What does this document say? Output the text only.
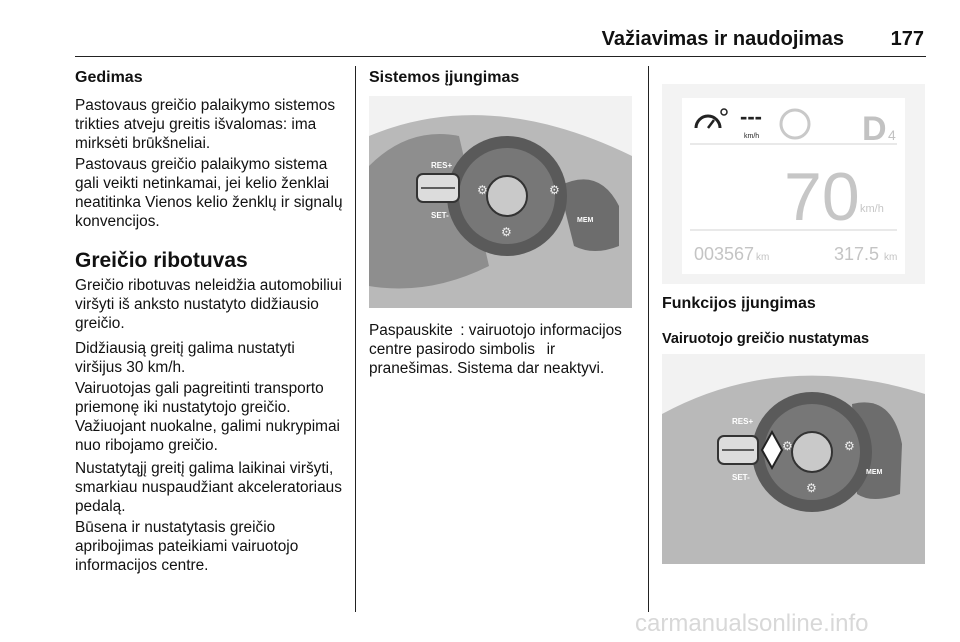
Važiavimas ir naudojimas 177
Gedimas

Pastovaus greičio palaikymo sistemos trikties atveju greitis išvalomas: ima mirksėti brūkšneliai.

Pastovaus greičio palaikymo sistema gali veikti netinkamai, jei kelio ženklai neatitinka Vienos kelio ženklų ir signalų konvencijos.

Greičio ribotuvas

Greičio ribotuvas neleidžia automobiliui viršyti iš anksto nustatyto didžiausio greičio.

Didžiausią greitį galima nustatyti viršijus 30 km/h.

Vairuotojas gali pagreitinti transporto priemonę iki nustatytojo greičio. Važiuojant nuokalne, galimi nukrypimai nuo ribojamo greičio.

Nustatytąjį greitį galima laikinai viršyti, smarkiau nuspaudžiant akceleratoriaus pedalą.

Būsena ir nustatytasis greičio apribojimas pateikiami vairuotojo informacijos centre.

Sistemos įjungimas
RES+
SET-
MEM
⚙	⚙
⚙

Paspauskite  : vairuotojo informacijos centre pasirodo simbolis   ir pranešimas. Sistema dar neaktyvi.

---
km/h	D 4
70 km/h
003567 km	317.5 km
Funkcijos įjungimas
Vairuotojo greičio nustatymas
RES+
SET-
MEM
⚙	⚙
⚙
carmanualsonline.info
